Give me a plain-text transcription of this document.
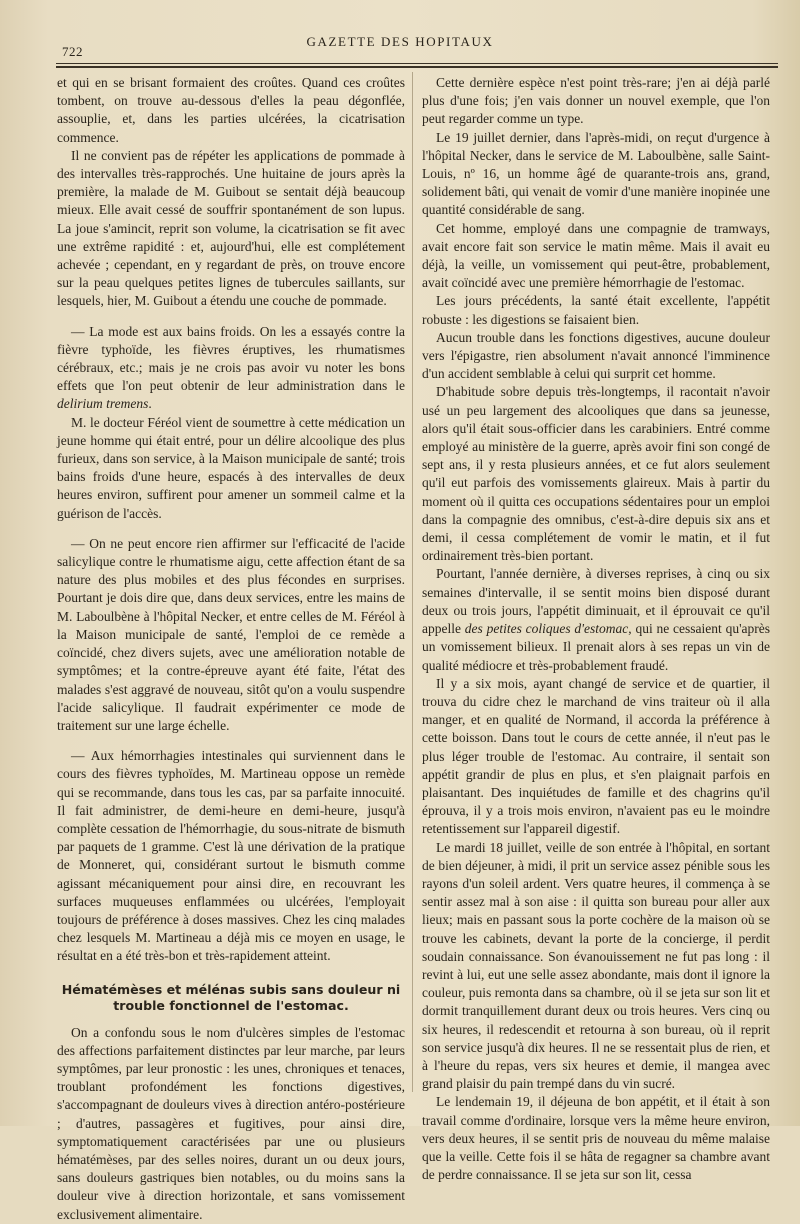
722
GAZETTE DES HOPITAUX

et qui en se brisant formaient des croûtes. Quand ces croûtes tombent, on trouve au-dessous d'elles la peau dégonflée, assouplie, et, dans les parties ulcérées, la cicatrisation commence.

Il ne convient pas de répéter les applications de pommade à des intervalles très-rapprochés. Une huitaine de jours après la première, la malade de M. Guibout se sentait déjà beaucoup mieux. Elle avait cessé de souffrir spontanément de son lupus. La joue s'amincit, reprit son volume, la cicatrisation se fit avec une extrême rapidité : et, aujourd'hui, elle est complétement achevée ; cependant, en y regardant de près, on trouve encore sur la peau quelques petites lignes de tubercules saillants, sur lesquels, hier, M. Guibout a étendu une couche de pommade.

— La mode est aux bains froids. On les a essayés contre la fièvre typhoïde, les fièvres éruptives, les rhumatismes cérébraux, etc.; mais je ne crois pas avoir vu noter les bons effets que l'on peut obtenir de leur administration dans le delirium tremens.

M. le docteur Féréol vient de soumettre à cette médication un jeune homme qui était entré, pour un délire alcoolique des plus furieux, dans son service, à la Maison municipale de santé; trois bains froids d'une heure, espacés à des intervalles de deux heures environ, suffirent pour amener un sommeil calme et la guérison de l'accès.

— On ne peut encore rien affirmer sur l'efficacité de l'acide salicylique contre le rhumatisme aigu, cette affection étant de sa nature des plus mobiles et des plus fécondes en surprises. Pourtant je dois dire que, dans deux services, entre les mains de M. Laboulbène à l'hôpital Necker, et entre celles de M. Féréol à la Maison municipale de santé, l'emploi de ce remède a coïncidé, chez divers sujets, avec une amélioration notable de symptômes; et la contre-épreuve ayant été faite, l'état des malades s'est aggravé de nouveau, sitôt qu'on a voulu suspendre l'acide salicylique. Il faudrait expérimenter ce mode de traitement sur une large échelle.

— Aux hémorrhagies intestinales qui surviennent dans le cours des fièvres typhoïdes, M. Martineau oppose un remède qui se recommande, dans tous les cas, par sa parfaite innocuité. Il fait administrer, de demi-heure en demi-heure, jusqu'à complète cessation de l'hémorrhagie, du sous-nitrate de bismuth par paquets de 1 gramme. C'est là une dérivation de la pratique de Monneret, qui, considérant surtout le bismuth comme agissant mécaniquement pour ainsi dire, en recouvrant les surfaces muqueuses enflammées ou ulcérées, l'employait toujours de préférence à doses massives. Chez les cinq malades chez lesquels M. Martineau a déjà mis ce moyen en usage, le résultat en a été très-bon et très-rapidement atteint.

Hématémèses et mélénas subis sans douleur ni trouble fonctionnel de l'estomac.

On a confondu sous le nom d'ulcères simples de l'estomac des affections parfaitement distinctes par leur marche, par leurs symptômes, par leur pronostic : les unes, chroniques et tenaces, troublant profondément les fonctions digestives, s'accompagnant de douleurs vives à direction antéro-postérieure ; d'autres, passagères et fugitives, pour ainsi dire, symptomatiquement caractérisées par une ou plusieurs hématémèses, par des selles noires, durant un ou deux jours, sans douleurs gastriques bien notables, ou du moins sans la douleur vive à direction horizontale, et sans vomissement exclusivement alimentaire.

Cette dernière espèce n'est point très-rare; j'en ai déjà parlé plus d'une fois; j'en vais donner un nouvel exemple, que l'on peut regarder comme un type.

Le 19 juillet dernier, dans l'après-midi, on reçut d'urgence à l'hôpital Necker, dans le service de M. Laboulbène, salle Saint-Louis, nº 16, un homme âgé de quarante-trois ans, grand, solidement bâti, qui venait de vomir d'une manière inopinée une quantité considérable de sang.

Cet homme, employé dans une compagnie de tramways, avait encore fait son service le matin même. Mais il avait eu déjà, la veille, un vomissement qui peut-être, probablement, avait coïncidé avec une première hémorrhagie de l'estomac.

Les jours précédents, la santé était excellente, l'appétit robuste : les digestions se faisaient bien.

Aucun trouble dans les fonctions digestives, aucune douleur vers l'épigastre, rien absolument n'avait annoncé l'imminence d'un accident semblable à celui qui surprit cet homme.

D'habitude sobre depuis très-longtemps, il racontait n'avoir usé un peu largement des alcooliques que dans sa jeunesse, alors qu'il était sous-officier dans les carabiniers. Entré comme employé au ministère de la guerre, après avoir fini son congé de sept ans, il y resta plusieurs années, et ce fut alors seulement qu'il eut parfois des vomissements glaireux. Mais à partir du moment où il quitta ces occupations sédentaires pour un emploi dans la compagnie des omnibus, c'est-à-dire depuis six ans et demi, il cessa complétement de vomir le matin, et il fut ordinairement très-bien portant.

Pourtant, l'année dernière, à diverses reprises, à cinq ou six semaines d'intervalle, il se sentit moins bien disposé durant deux ou trois jours, l'appétit diminuait, et il éprouvait ce qu'il appelle des petites coliques d'estomac, qui ne cessaient qu'après un vomissement bilieux. Il prenait alors à ses repas un vin de qualité médiocre et très-probablement fraudé.

Il y a six mois, ayant changé de service et de quartier, il trouva du cidre chez le marchand de vins traiteur où il alla manger, et en qualité de Normand, il accorda la préférence à cette boisson. Dans tout le cours de cette année, il n'eut pas le plus léger trouble de l'estomac. Au contraire, il sentait son appétit grandir de plus en plus, et s'en plaignait parfois en plaisantant. Des inquiétudes de famille et des chagrins qu'il éprouva, il y a trois mois environ, n'avaient pas eu le moindre retentissement sur l'appareil digestif.

Le mardi 18 juillet, veille de son entrée à l'hôpital, en sortant de bien déjeuner, à midi, il prit un service assez pénible sous les rayons d'un soleil ardent. Vers quatre heures, il commença à se sentir assez mal à son aise : il quitta son bureau pour aller aux lieux; mais en passant sous la porte cochère de la maison où se trouve les cabinets, devant la porte de la concierge, il perdit soudain connaissance. Son évanouissement ne fut pas long : il revint à lui, eut une selle assez abondante, mais dont il ignore la couleur, puis remonta dans sa chambre, où il se jeta sur son lit et dormit tranquillement durant deux ou trois heures. Vers cinq ou six heures, il redescendit et retourna à son bureau, où il reprit son service jusqu'à dix heures. Il ne se ressentait plus de rien, et à l'heure du repas, vers six heures et demie, il mangea avec grand plaisir du pain trempé dans du vin sucré.

Le lendemain 19, il déjeuna de bon appétit, et il était à son travail comme d'ordinaire, lorsque vers la même heure environ, vers deux heures, il se sentit pris de nouveau du même malaise que la veille. Cette fois il se hâta de regagner sa chambre avant de perdre connaissance. Il se jeta sur son lit, cessa
